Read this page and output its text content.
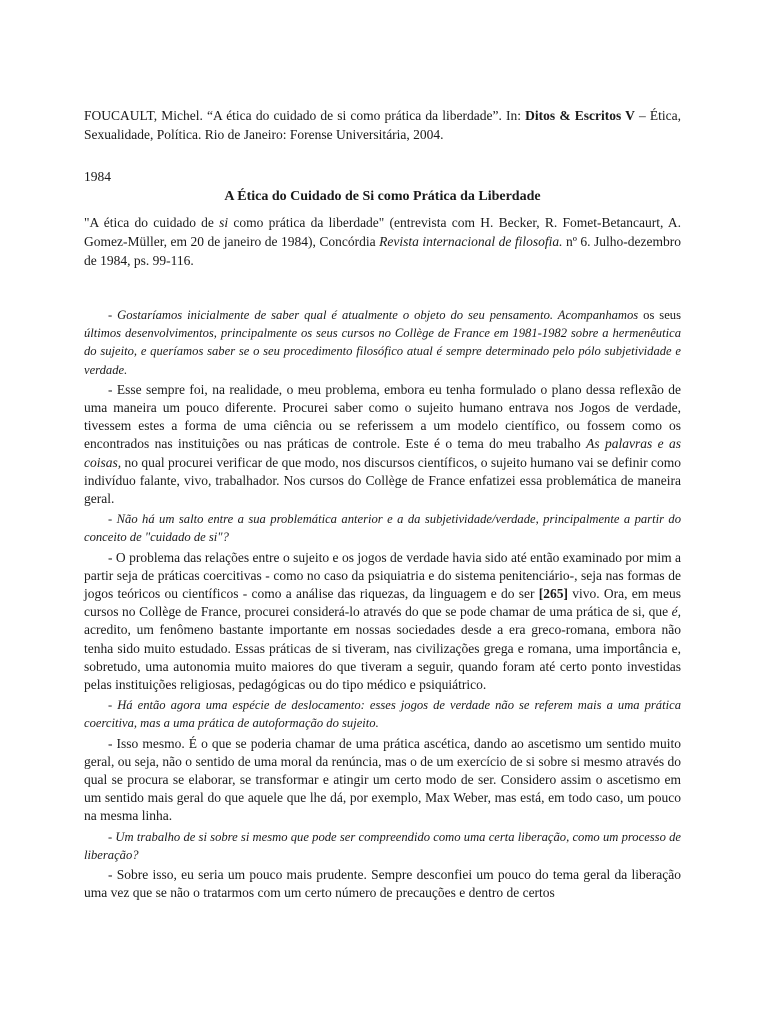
FOUCAULT, Michel. “A ética do cuidado de si como prática da liberdade”. In: Ditos & Escritos V – Ética, Sexualidade, Política. Rio de Janeiro: Forense Universitária, 2004.
1984
A Ética do Cuidado de Si como Prática da Liberdade
"A ética do cuidado de si como prática da liberdade" (entrevista com H. Becker, R. Fomet-Betancaurt, A. Gomez-Müller, em 20 de janeiro de 1984), Concórdia Revista internacional de filosofia. nº 6. Julho-dezembro de 1984, ps. 99-116.

- Gostaríamos inicialmente de saber qual é atualmente o objeto do seu pensamento. Acompanhamos os seus últimos desenvolvimentos, principalmente os seus cursos no Collège de France em 1981-1982 sobre a hermenêutica do sujeito, e queríamos saber se o seu procedimento filosófico atual é sempre determinado pelo pólo subjetividade e verdade.

- Esse sempre foi, na realidade, o meu problema, embora eu tenha formulado o plano dessa reflexão de uma maneira um pouco diferente. Procurei saber como o sujeito humano entrava nos Jogos de verdade, tivessem estes a forma de uma ciência ou se referissem a um modelo científico, ou fossem como os encontrados nas instituições ou nas práticas de controle. Este é o tema do meu trabalho As palavras e as coisas, no qual procurei verificar de que modo, nos discursos científicos, o sujeito humano vai se definir como indivíduo falante, vivo, trabalhador. Nos cursos do Collège de France enfatizei essa problemática de maneira geral.

- Não há um salto entre a sua problemática anterior e a da subjetividade/verdade, principalmente a partir do conceito de "cuidado de si"?

- O problema das relações entre o sujeito e os jogos de verdade havia sido até então examinado por mim a partir seja de práticas coercitivas - como no caso da psiquiatria e do sistema penitenciário-, seja nas formas de jogos teóricos ou científicos - como a análise das riquezas, da linguagem e do ser [265] vivo. Ora, em meus cursos no Collège de France, procurei considerá-lo através do que se pode chamar de uma prática de si, que é, acredito, um fenômeno bastante importante em nossas sociedades desde a era greco-romana, embora não tenha sido muito estudado. Essas práticas de si tiveram, nas civilizações grega e romana, uma importância e, sobretudo, uma autonomia muito maiores do que tiveram a seguir, quando foram até certo ponto investidas pelas instituições religiosas, pedagógicas ou do tipo médico e psiquiátrico.

- Há então agora uma espécie de deslocamento: esses jogos de verdade não se referem mais a uma prática coercitiva, mas a uma prática de autoformação do sujeito.

- Isso mesmo. É o que se poderia chamar de uma prática ascética, dando ao ascetismo um sentido muito geral, ou seja, não o sentido de uma moral da renúncia, mas o de um exercício de si sobre si mesmo através do qual se procura se elaborar, se transformar e atingir um certo modo de ser. Considero assim o ascetismo em um sentido mais geral do que aquele que lhe dá, por exemplo, Max Weber, mas está, em todo caso, um pouco na mesma linha.

- Um trabalho de si sobre si mesmo que pode ser compreendido como uma certa liberação, como um processo de liberação?

- Sobre isso, eu seria um pouco mais prudente. Sempre desconfiei um pouco do tema geral da liberação uma vez que se não o tratarmos com um certo número de precauções e dentro de certos
